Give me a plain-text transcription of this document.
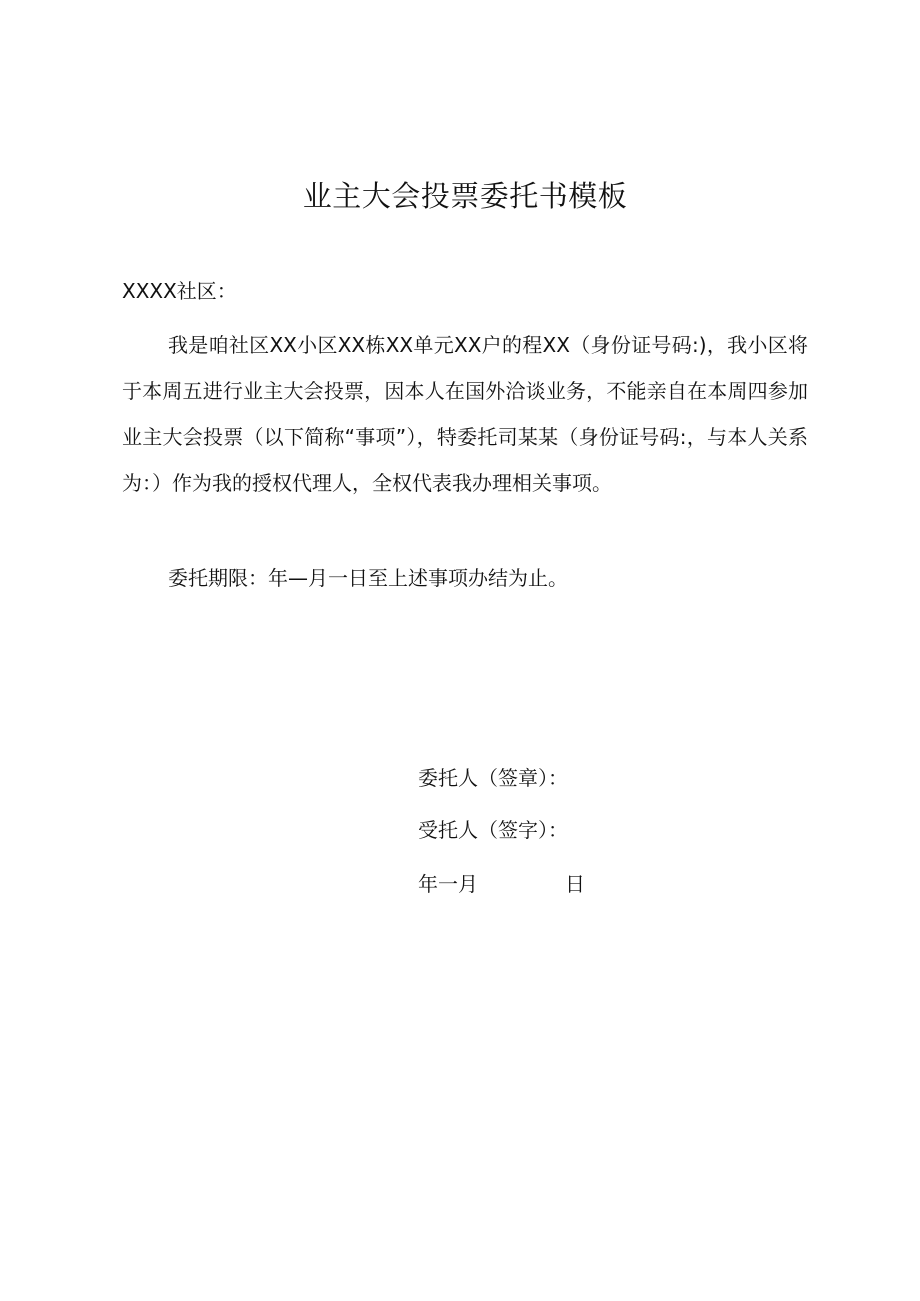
业主大会投票委托书模板
XXXX社区：

我是咱社区XX小区XX栋XX单元XX户的程XX（身份证号码:)，我小区将于本周五进行业主大会投票，因本人在国外洽谈业务，不能亲自在本周四参加业主大会投票（以下简称“事项”），特委托司某某（身份证号码:，与本人关系为：）作为我的授权代理人，全权代表我办理相关事项。

委托期限：年—月一日至上述事项办结为止。

委托人（签章）：
受托人（签字）：
年一月	日
